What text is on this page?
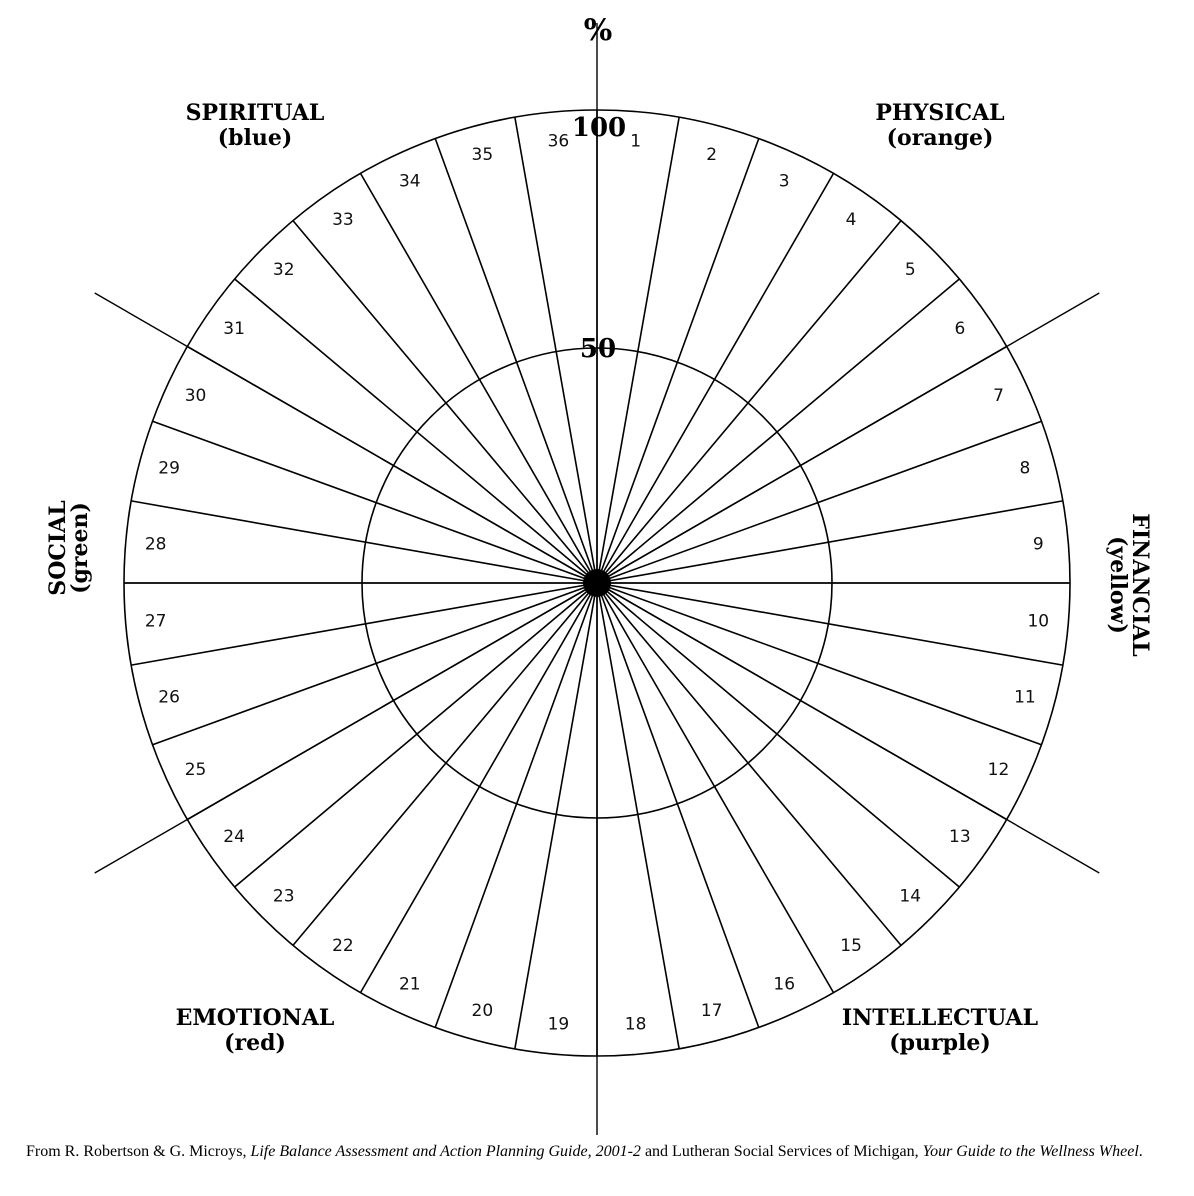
1
2
3
4
5
6
7
8
9
10
11
12
13
14
15
16
17
18
19
20
21
22
23
24
25
26
27
28
29
30
31
32
33
34
35
36
%
100
50
PHYSICAL
(orange)
SPIRITUAL
(blue)
EMOTIONAL
(red)
INTELLECTUAL
(purple)
SOCIAL
(green)	FINANCIAL
(yellow)
From R. Robertson & G. Microys, Life Balance Assessment and Action Planning Guide, 2001-2 and Lutheran Social Services of Michigan, Your Guide to the Wellness Wheel.
